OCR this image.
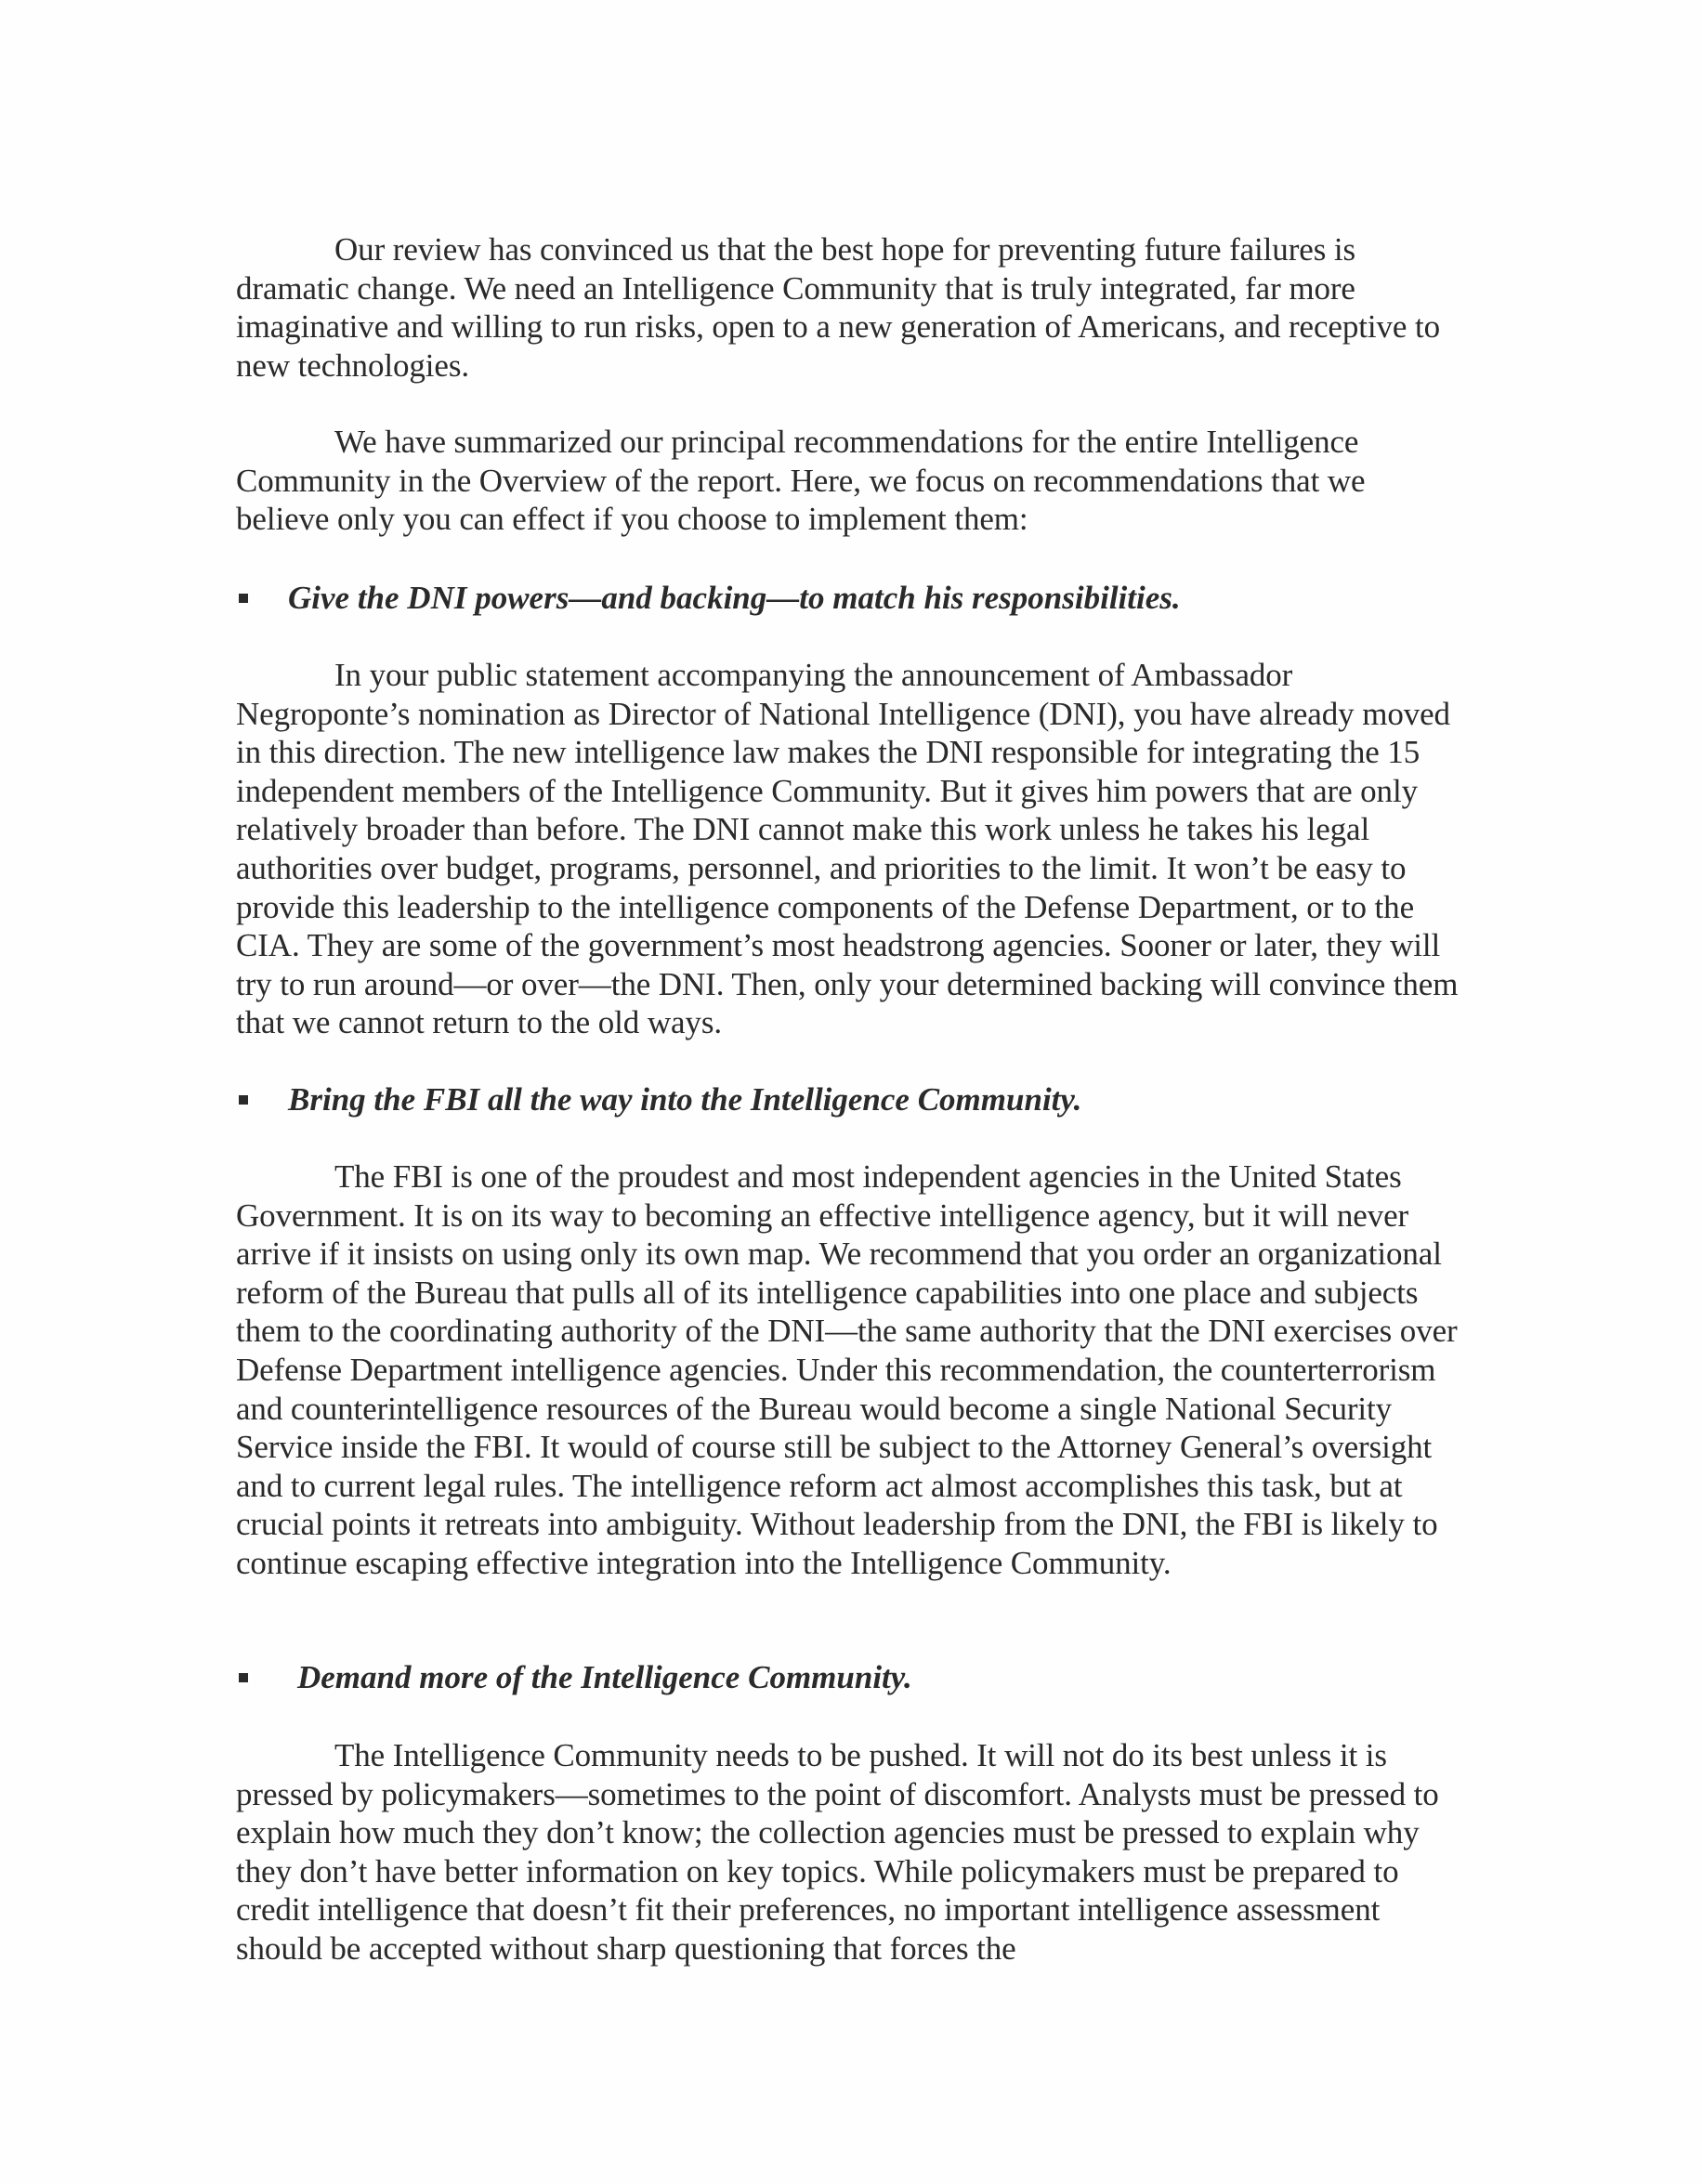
Our review has convinced us that the best hope for preventing future failures is dramatic change. We need an Intelligence Community that is truly integrated, far more imaginative and willing to run risks, open to a new generation of Americans, and receptive to new technologies.

We have summarized our principal recommendations for the entire Intelligence Community in the Overview of the report. Here, we focus on recommendations that we believe only you can effect if you choose to implement them:

Give the DNI powers—and backing—to match his responsibilities.

In your public statement accompanying the announcement of Ambassador Negroponte’s nomination as Director of National Intelligence (DNI), you have already moved in this direction. The new intelligence law makes the DNI responsible for integrating the 15 independent members of the Intelligence Community. But it gives him powers that are only relatively broader than before. The DNI cannot make this work unless he takes his legal authorities over budget, programs, personnel, and priorities to the limit. It won’t be easy to provide this leadership to the intelligence components of the Defense Department, or to the CIA. They are some of the government’s most headstrong agencies. Sooner or later, they will try to run around—or over—the DNI. Then, only your determined backing will convince them that we cannot return to the old ways.

Bring the FBI all the way into the Intelligence Community.

The FBI is one of the proudest and most independent agencies in the United States Government. It is on its way to becoming an effective intelligence agency, but it will never arrive if it insists on using only its own map. We recommend that you order an organizational reform of the Bureau that pulls all of its intelligence capabilities into one place and subjects them to the coordinating authority of the DNI—the same authority that the DNI exercises over Defense Department intelligence agencies. Under this recommendation, the counterterrorism and counterintelligence resources of the Bureau would become a single National Security Service inside the FBI. It would of course still be subject to the Attorney General’s oversight and to current legal rules. The intelligence reform act almost accomplishes this task, but at crucial points it retreats into ambiguity. Without leadership from the DNI, the FBI is likely to continue escaping effective integration into the Intelligence Community.

Demand more of the Intelligence Community.

The Intelligence Community needs to be pushed. It will not do its best unless it is pressed by policymakers—sometimes to the point of discomfort. Analysts must be pressed to explain how much they don’t know; the collection agencies must be pressed to explain why they don’t have better information on key topics. While policymakers must be prepared to credit intelligence that doesn’t fit their preferences, no important intelligence assessment should be accepted without sharp questioning that forces the
